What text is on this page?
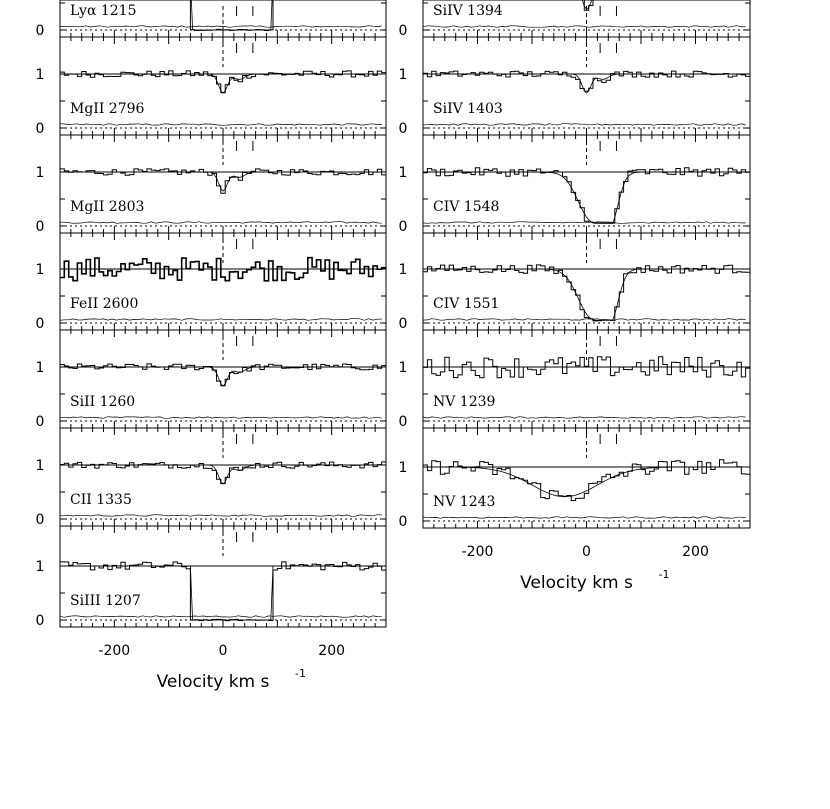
0
Lyα 1215
0
1
MgII 2796
0
1
MgII 2803
0
1
FeII 2600
0
1
SiII 1260
0
1
CII 1335
0
1
SiIII 1207
-200	0	200
Velocity km s -1
0
SiIV 1394
0
1
SiIV 1403
0
1
CIV 1548
0
1
CIV 1551
0
1
NV 1239
0
1
NV 1243
-200	0	200
Velocity km s -1
